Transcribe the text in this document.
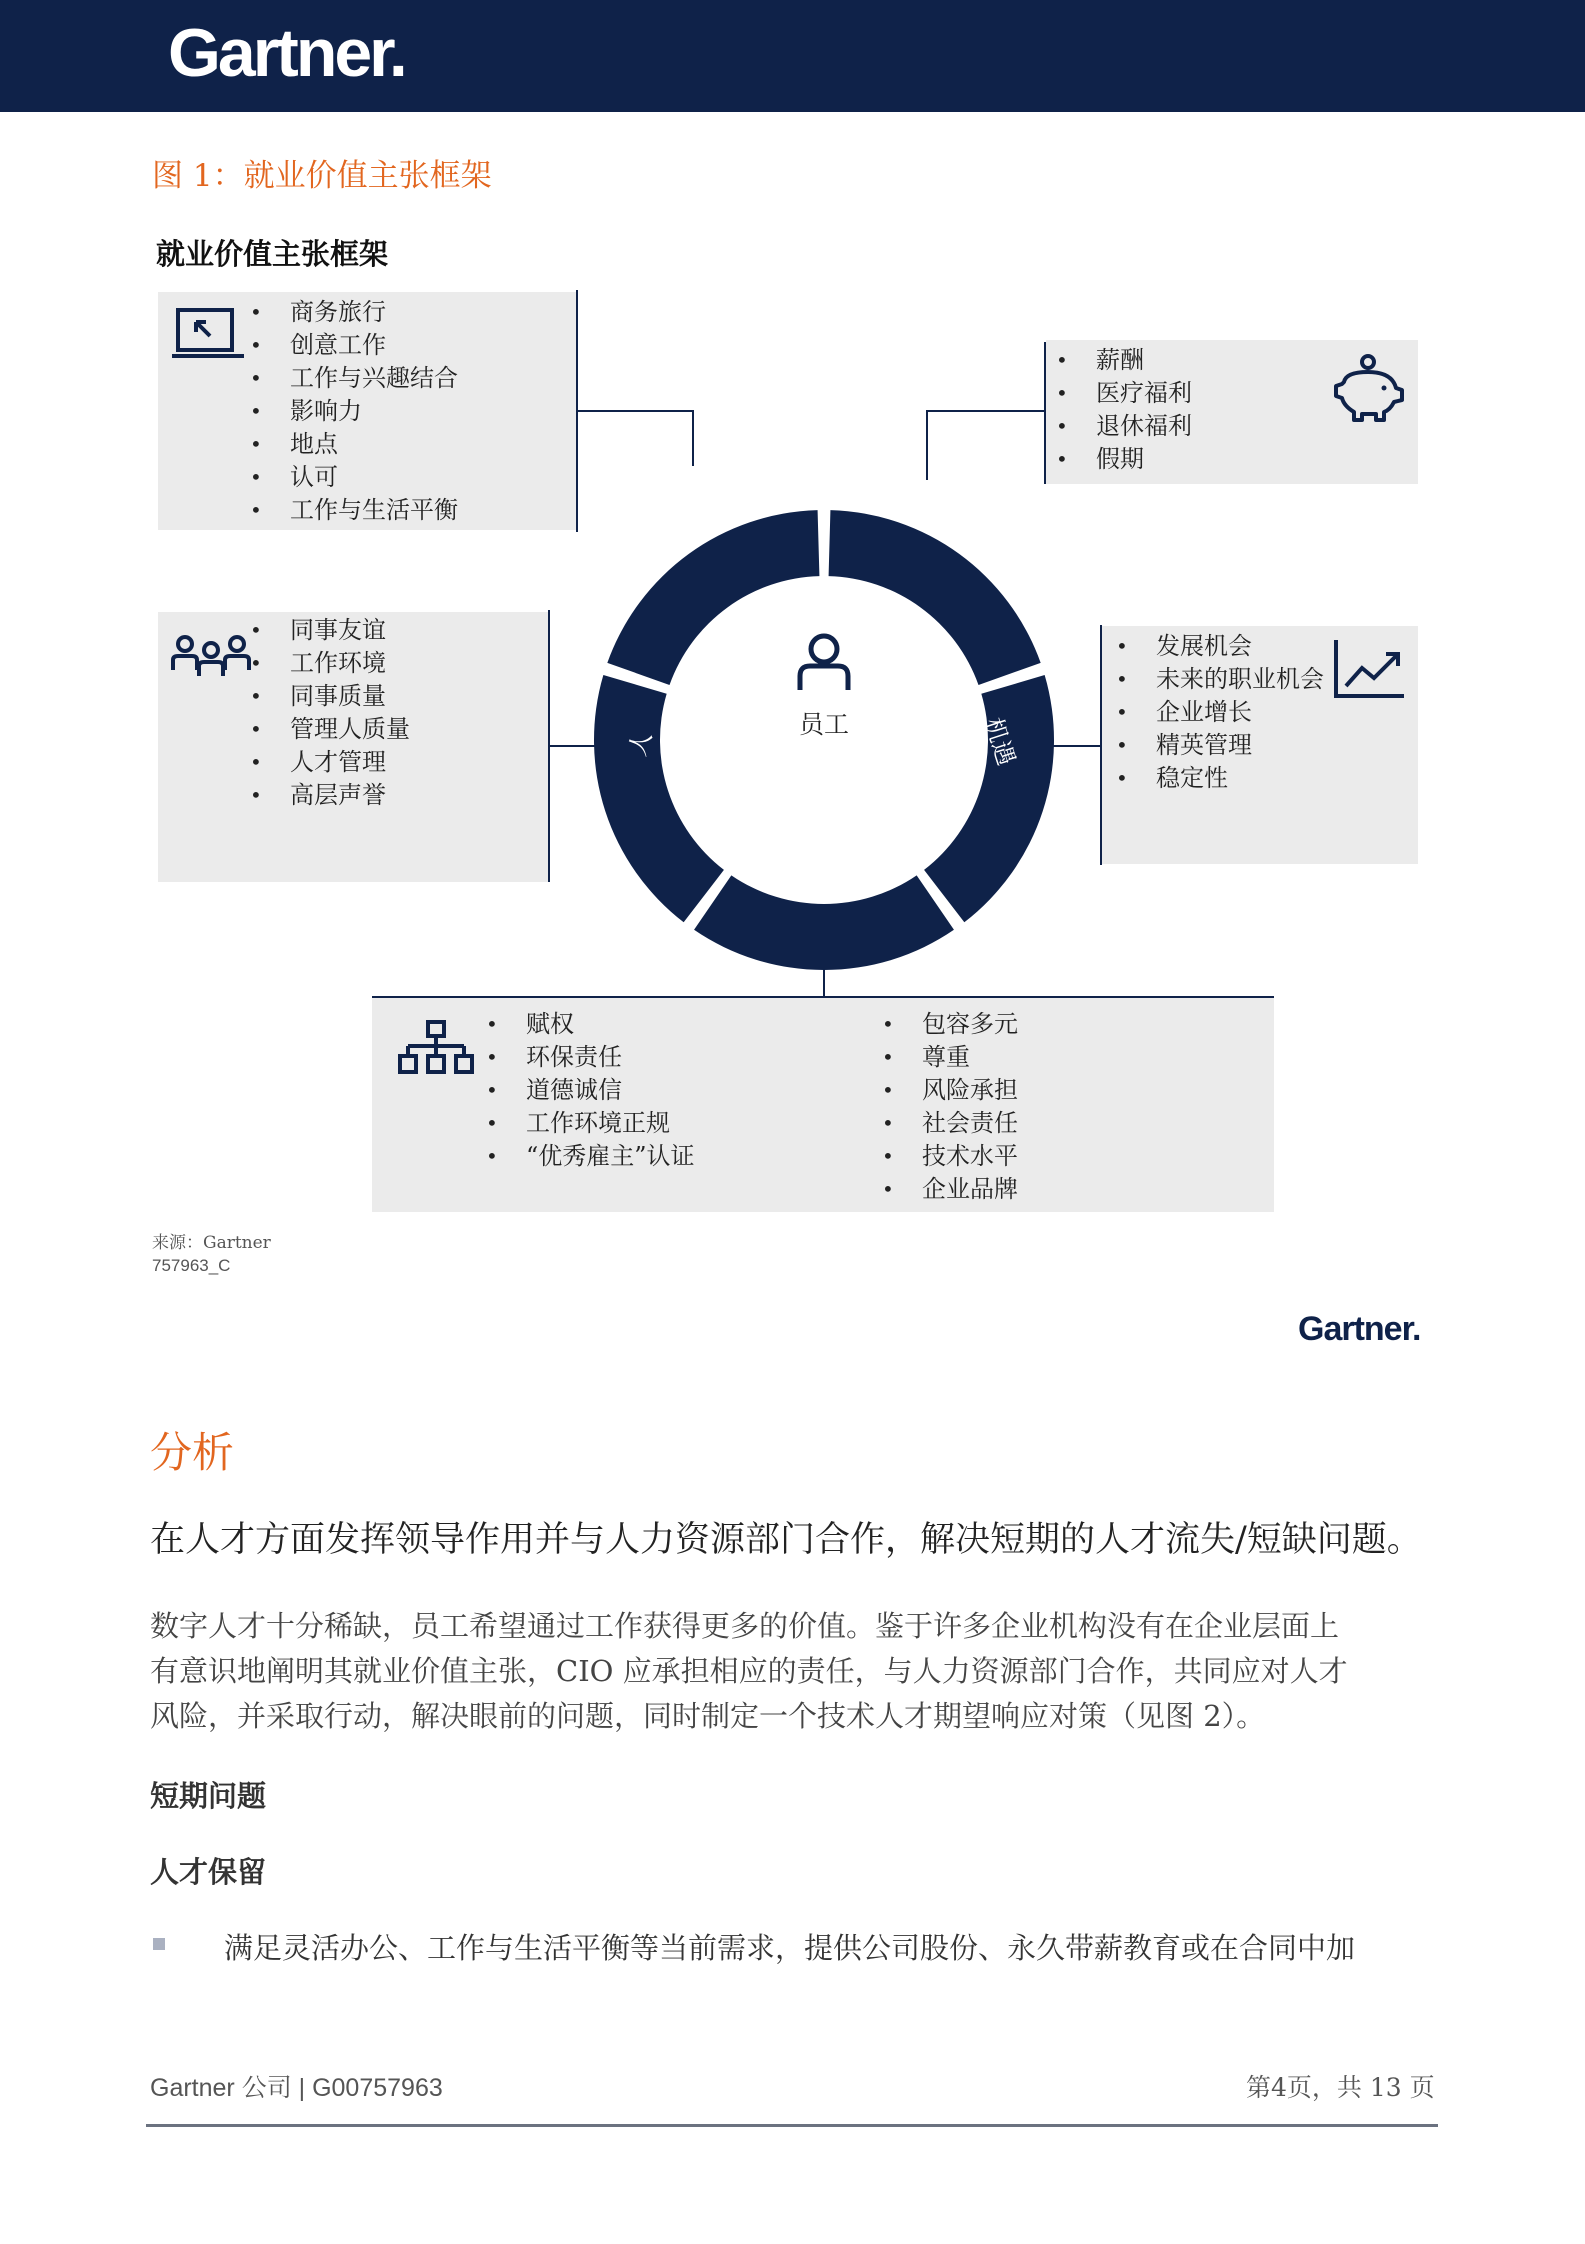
Gartner.
图 1：就业价值主张框架
就业价值主张框架
• 商务旅行
• 创意工作
• 工作与兴趣结合
• 影响力
• 地点
• 认可
• 工作与生活平衡
• 薪酬
• 医疗福利
• 退休福利
• 假期
• 同事友谊
• 工作环境
• 同事质量
• 管理人质量
• 人才管理
• 高层声誉
• 发展机会
• 未来的职业机会
• 企业增长
• 精英管理
• 稳定性
• 赋权
• 环保责任
• 道德诚信
• 工作环境正规
• “优秀雇主”认证
• 包容多元
• 尊重
• 风险承担
• 社会责任
• 技术水平
• 企业品牌
工作	奖励
机遇
组织
人
员工
来源：Gartner
757963_C
Gartner.
分析
在人才方面发挥领导作用并与人力资源部门合作，解决短期的人才流失/短缺问题。
数字人才十分稀缺，员工希望通过工作获得更多的价值。鉴于许多企业机构没有在企业层面上
有意识地阐明其就业价值主张，CIO 应承担相应的责任，与人力资源部门合作，共同应对人才
风险，并采取行动，解决眼前的问题，同时制定一个技术人才期望响应对策（见图 2）。
短期问题
人才保留
满足灵活办公、工作与生活平衡等当前需求，提供公司股份、永久带薪教育或在合同中加
Gartner 公司 | G00757963	第4页，共 13 页
